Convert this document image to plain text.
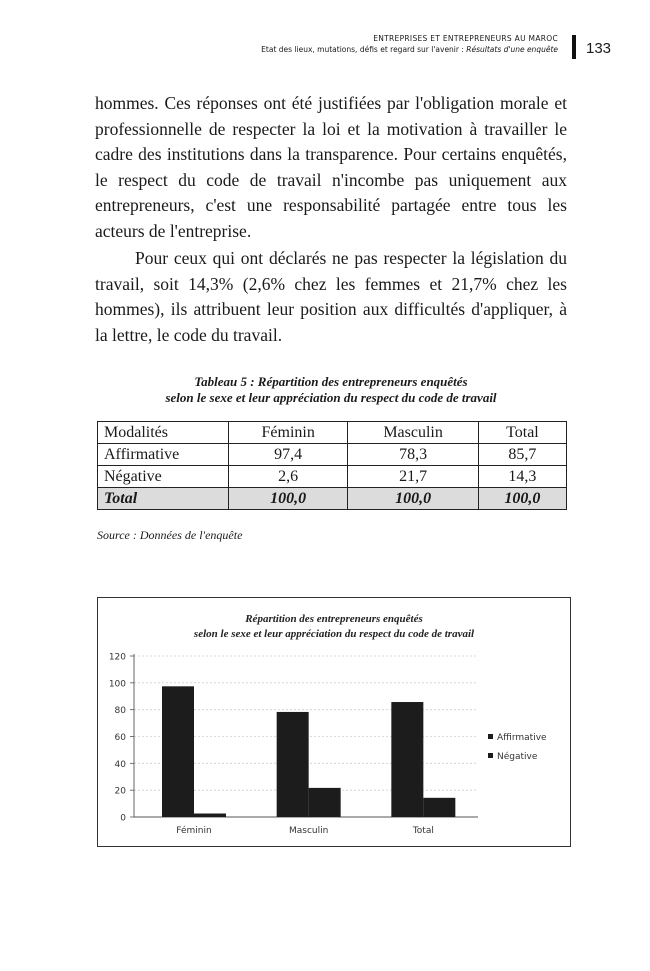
ENTREPRISES ET ENTREPRENEURS AU MAROC
Etat des lieux, mutations, défis et regard sur l'avenir : Résultats d'une enquête 133
hommes. Ces réponses ont été justifiées par l'obligation morale et professionnelle de respecter la loi et la motivation à travailler le cadre des institutions dans la transparence. Pour certains enquêtés, le respect du code de travail n'incombe pas uniquement aux entrepreneurs, c'est une responsabilité partagée entre tous les acteurs de l'entreprise.
Pour ceux qui ont déclarés ne pas respecter la législation du travail, soit 14,3% (2,6% chez les femmes et 21,7% chez les hommes), ils attribuent leur position aux difficultés d'appliquer, à la lettre, le code du travail.
Tableau 5 : Répartition des entrepreneurs enquêtés
selon le sexe et leur appréciation du respect du code de travail
Modalités	Féminin	Masculin	Total
Affirmative	97,4	78,3	85,7
Négative	2,6	21,7	14,3
Total	100,0	100,0	100,0
Source : Données de l'enquête
Répartition des entrepreneurs enquêtés
selon le sexe et leur appréciation du respect du code de travail
0
20
40
60
80
100
120
Féminin	Masculin	Total
Affirmative
Négative
